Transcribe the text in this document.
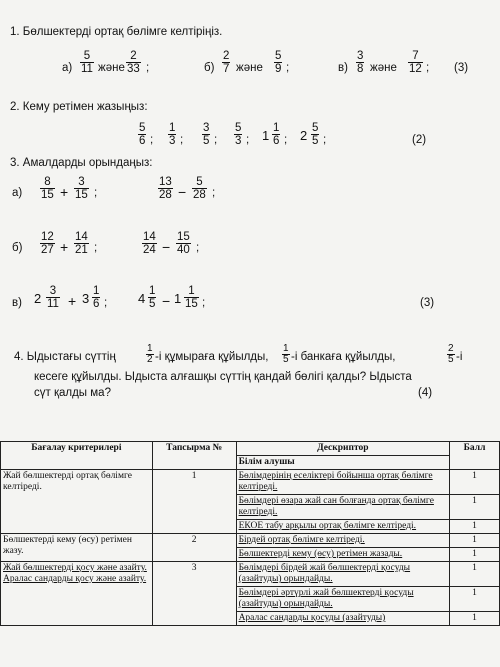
1. Бөлшектерді ортақ бөлімге келтіріңіз.
$а) \frac{5}{11}$ және $\frac{2}{33}$ ;	$б) \frac{2}{7}$ және $\frac{5}{9}$ ;	$в) \frac{3}{8}$ және $\frac{7}{12}$ ; (3)
2. Кему ретімен жазыңыз:
$\frac{5}{6}$ ; $\frac{1}{3}$ ; $\frac{3}{5}$ ; $\frac{5}{3}$ ; $1 \frac{1}{6}$ ; $2 \frac{5}{5}$ ;	(2)
3. Амалдарды орындаңыз:
$а) \frac{8}{15} + \frac{3}{15}$ ;	$\frac{13}{28} - \frac{5}{28}$ ;
$б) \frac{12}{27} + \frac{14}{21}$ ;	$\frac{14}{24} - \frac{15}{40}$ ;
в) $2 \frac{3}{11} + 3 \frac{1}{6}$ ; $4 \frac{1}{5} - 1 \frac{1}{15}$ ;	(3)
4. Ыдыстағы сүттің	$\frac{1}{2} -і$ құмыраға құйылды, $\frac{1}{5} -і$ банкаға құйылды,	$\frac{2}{5} -і$
кесеге құйылды. Ыдыста алғашқы сүттің қандай бөлігі қалды? Ыдыста
сүт қалды ма?	(4)
Бағалау критерилері	Тапсырма №	Дескриптор	Балл
		Білім алушы	
Жай бөлшектерді ортақ бөлімге келтіреді.	1	Бөлімдерінің еселіктері бойынша ортақ бөлімге келтіреді.	1
		Бөлімдері өзара жай сан болғанда ортақ бөлімге келтіреді.	1
		ЕКОЕ табу арқылы ортақ бөлімге келтіреді.	1
Бөлшектерді кему (өсу) ретімен жазу.	2	Бірдей ортақ бөлімге келтіреді.	1
		Бөлшектерді кему (өсу) ретімен жазады.	1

Жай бөлшектерді қосу және азайту.
Аралас сандарды қосу және азайту.	3	Бөлімдері бірдей жай бөлшектерді қосуды (азайтуды) орындайды.	1
		Бөлімдері әртүрлі жай бөлшектерді қосуды (азайтуды) орындайды.	1
		Аралас сандарды қосуды (азайтуды)	1
